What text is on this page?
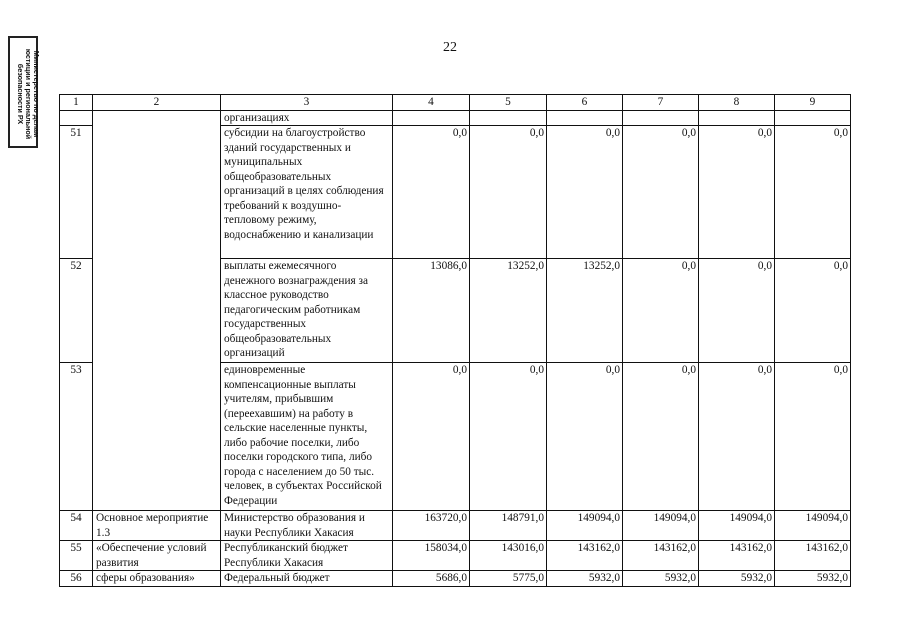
Министерство по делам
юстиции и региональной
безопасности РХ
22
1	2	3	4	5	6	7	8	9
		организациях						
51		субсидии на благоустройство зданий государственных и муниципальных общеобразовательных организаций в целях соблюдения требований к воздушно-тепловому режиму, водоснабжению и канализации	0,0	0,0	0,0	0,0	0,0	0,0
52		выплаты ежемесячного денежного вознаграждения за классное руководство педагогическим работникам государственных общеобразовательных организаций	13086,0	13252,0	13252,0	0,0	0,0	0,0
53		единовременные компенсационные выплаты учителям, прибывшим (переехавшим) на работу в сельские населенные пункты, либо рабочие поселки, либо поселки городского типа, либо города с населением до 50 тыс. человек, в субъектах Российской Федерации	0,0	0,0	0,0	0,0	0,0	0,0
54	Основное мероприятие 1.3	Министерство образования и науки Республики Хакасия	163720,0	148791,0	149094,0	149094,0	149094,0	149094,0
55	«Обеспечение условий развития	Республиканский бюджет Республики Хакасия	158034,0	143016,0	143162,0	143162,0	143162,0	143162,0
56	сферы образования»	Федеральный бюджет	5686,0	5775,0	5932,0	5932,0	5932,0	5932,0
